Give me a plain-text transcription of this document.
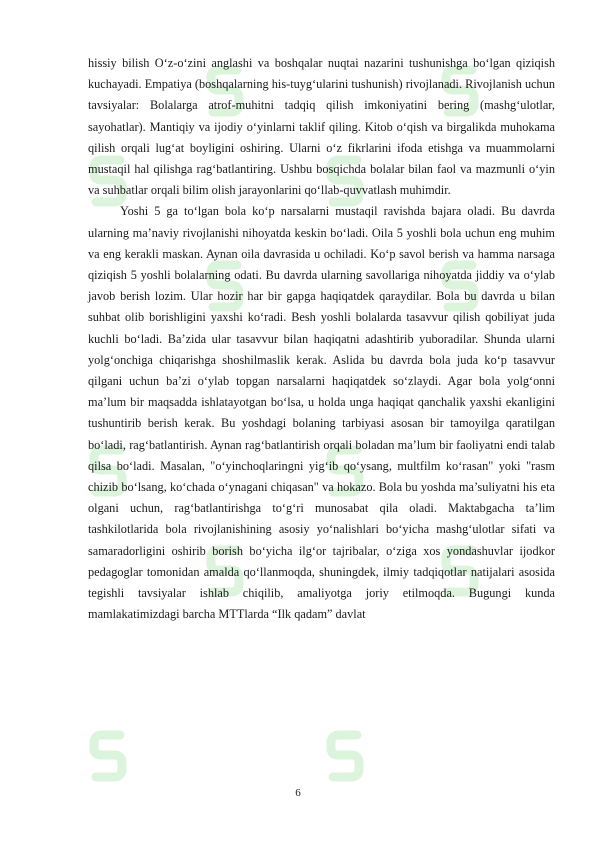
hissiy bilish O‘z-o‘zini anglashi va boshqalar nuqtai nazarini tushunishga bo‘lgan qiziqish kuchayadi. Empatiya (boshqalarning his-tuyg‘ularini tushunish) rivojlanadi. Rivojlanish uchun tavsiyalar: Bolalarga atrof-muhitni tadqiq qilish imkoniyatini bering (mashg‘ulotlar, sayohatlar). Mantiqiy va ijodiy o‘yinlarni taklif qiling. Kitob o‘qish va birgalikda muhokama qilish orqali lug‘at boyligini oshiring. Ularni o‘z fikrlarini ifoda etishga va muammolarni mustaqil hal qilishga rag‘batlantiring. Ushbu bosqichda bolalar bilan faol va mazmunli o‘yin va suhbatlar orqali bilim olish jarayonlarini qo‘llab-quvvatlash muhimdir.

Yoshi 5 ga to‘lgan bola ko‘p narsalarni mustaqil ravishda bajara oladi. Bu davrda ularning ma’naviy rivojlanishi nihoyatda keskin bo‘ladi. Oila 5 yoshli bola uchun eng muhim va eng kerakli maskan. Aynan oila davrasida u ochiladi. Ko‘p savol berish va hamma narsaga qiziqish 5 yoshli bolalarning odati. Bu davrda ularning savollariga nihoyatda jiddiy va o‘ylab javob berish lozim. Ular hozir har bir gapga haqiqatdek qaraydilar. Bola bu davrda u bilan suhbat olib borishligini yaxshi ko‘radi. Besh yoshli bolalarda tasavvur qilish qobiliyat juda kuchli bo‘ladi. Ba’zida ular tasavvur bilan haqiqatni adashtirib yuboradilar. Shunda ularni yolg‘onchiga chiqarishga shoshilmaslik kerak. Aslida bu davrda bola juda ko‘p tasavvur qilgani uchun ba’zi o‘ylab topgan narsalarni haqiqatdek so‘zlaydi. Agar bola yolg‘onni ma’lum bir maqsadda ishlatayotgan bo‘lsa, u holda unga haqiqat qanchalik yaxshi ekanligini tushuntirib berish kerak. Bu yoshdagi bolaning tarbiyasi asosan bir tamoyilga qaratilgan bo‘ladi, rag‘batlantirish. Aynan rag‘batlantirish orqali boladan ma’lum bir faoliyatni endi talab qilsa bo‘ladi. Masalan, "o‘yinchoqlaringni yig‘ib qo‘ysang, multfilm ko‘rasan" yoki "rasm chizib bo‘lsang, ko‘chada o‘ynagani chiqasan" va hokazo. Bola bu yoshda ma’suliyatni his eta olgani uchun, rag‘batlantirishga to‘g‘ri munosabat qila oladi. Maktabgacha ta’lim tashkilotlarida bola rivojlanishining asosiy yo‘nalishlari bo‘yicha mashg‘ulotlar sifati va samaradorligini oshirib borish bo‘yicha ilg‘or tajribalar, o‘ziga xos yondashuvlar ijodkor pedagoglar tomonidan amalda qo‘llanmoqda, shuningdek, ilmiy tadqiqotlar natijalari asosida tegishli tavsiyalar ishlab chiqilib, amaliyotga joriy etilmoqda. Bugungi kunda mamlakatimizdagi barcha MTTlarda “Ilk qadam” davlat

6
